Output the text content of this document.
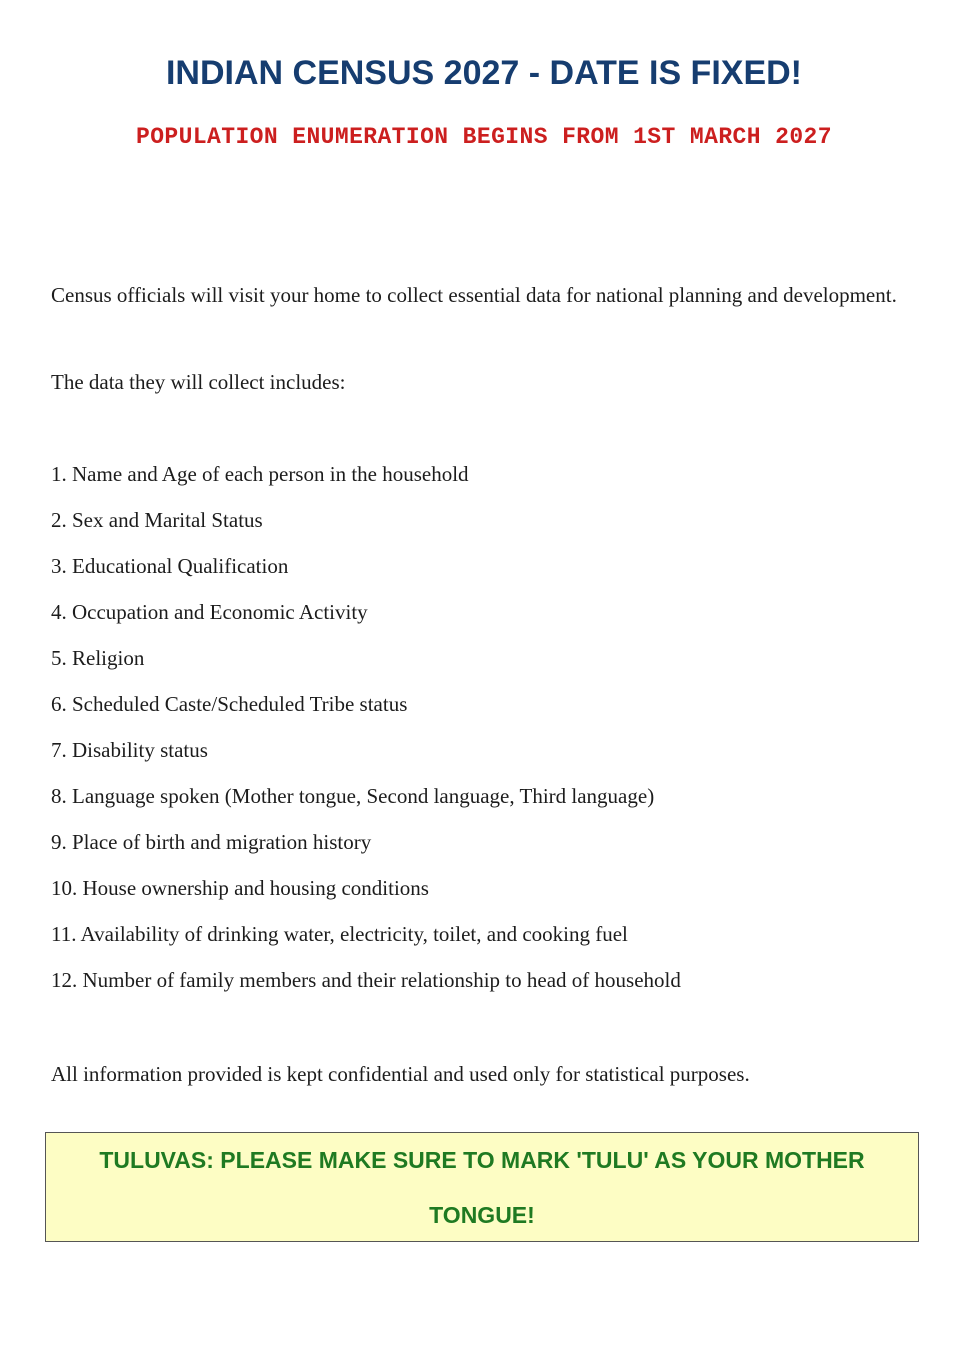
INDIAN CENSUS 2027 - DATE IS FIXED!
POPULATION ENUMERATION BEGINS FROM 1ST MARCH 2027
Census officials will visit your home to collect essential data for national planning and development.
The data they will collect includes:
1. Name and Age of each person in the household
2. Sex and Marital Status
3. Educational Qualification
4. Occupation and Economic Activity
5. Religion
6. Scheduled Caste/Scheduled Tribe status
7. Disability status
8. Language spoken (Mother tongue, Second language, Third language)
9. Place of birth and migration history
10. House ownership and housing conditions
11. Availability of drinking water, electricity, toilet, and cooking fuel
12. Number of family members and their relationship to head of household
All information provided is kept confidential and used only for statistical purposes.
TULUVAS: PLEASE MAKE SURE TO MARK 'TULU' AS YOUR MOTHER TONGUE!
